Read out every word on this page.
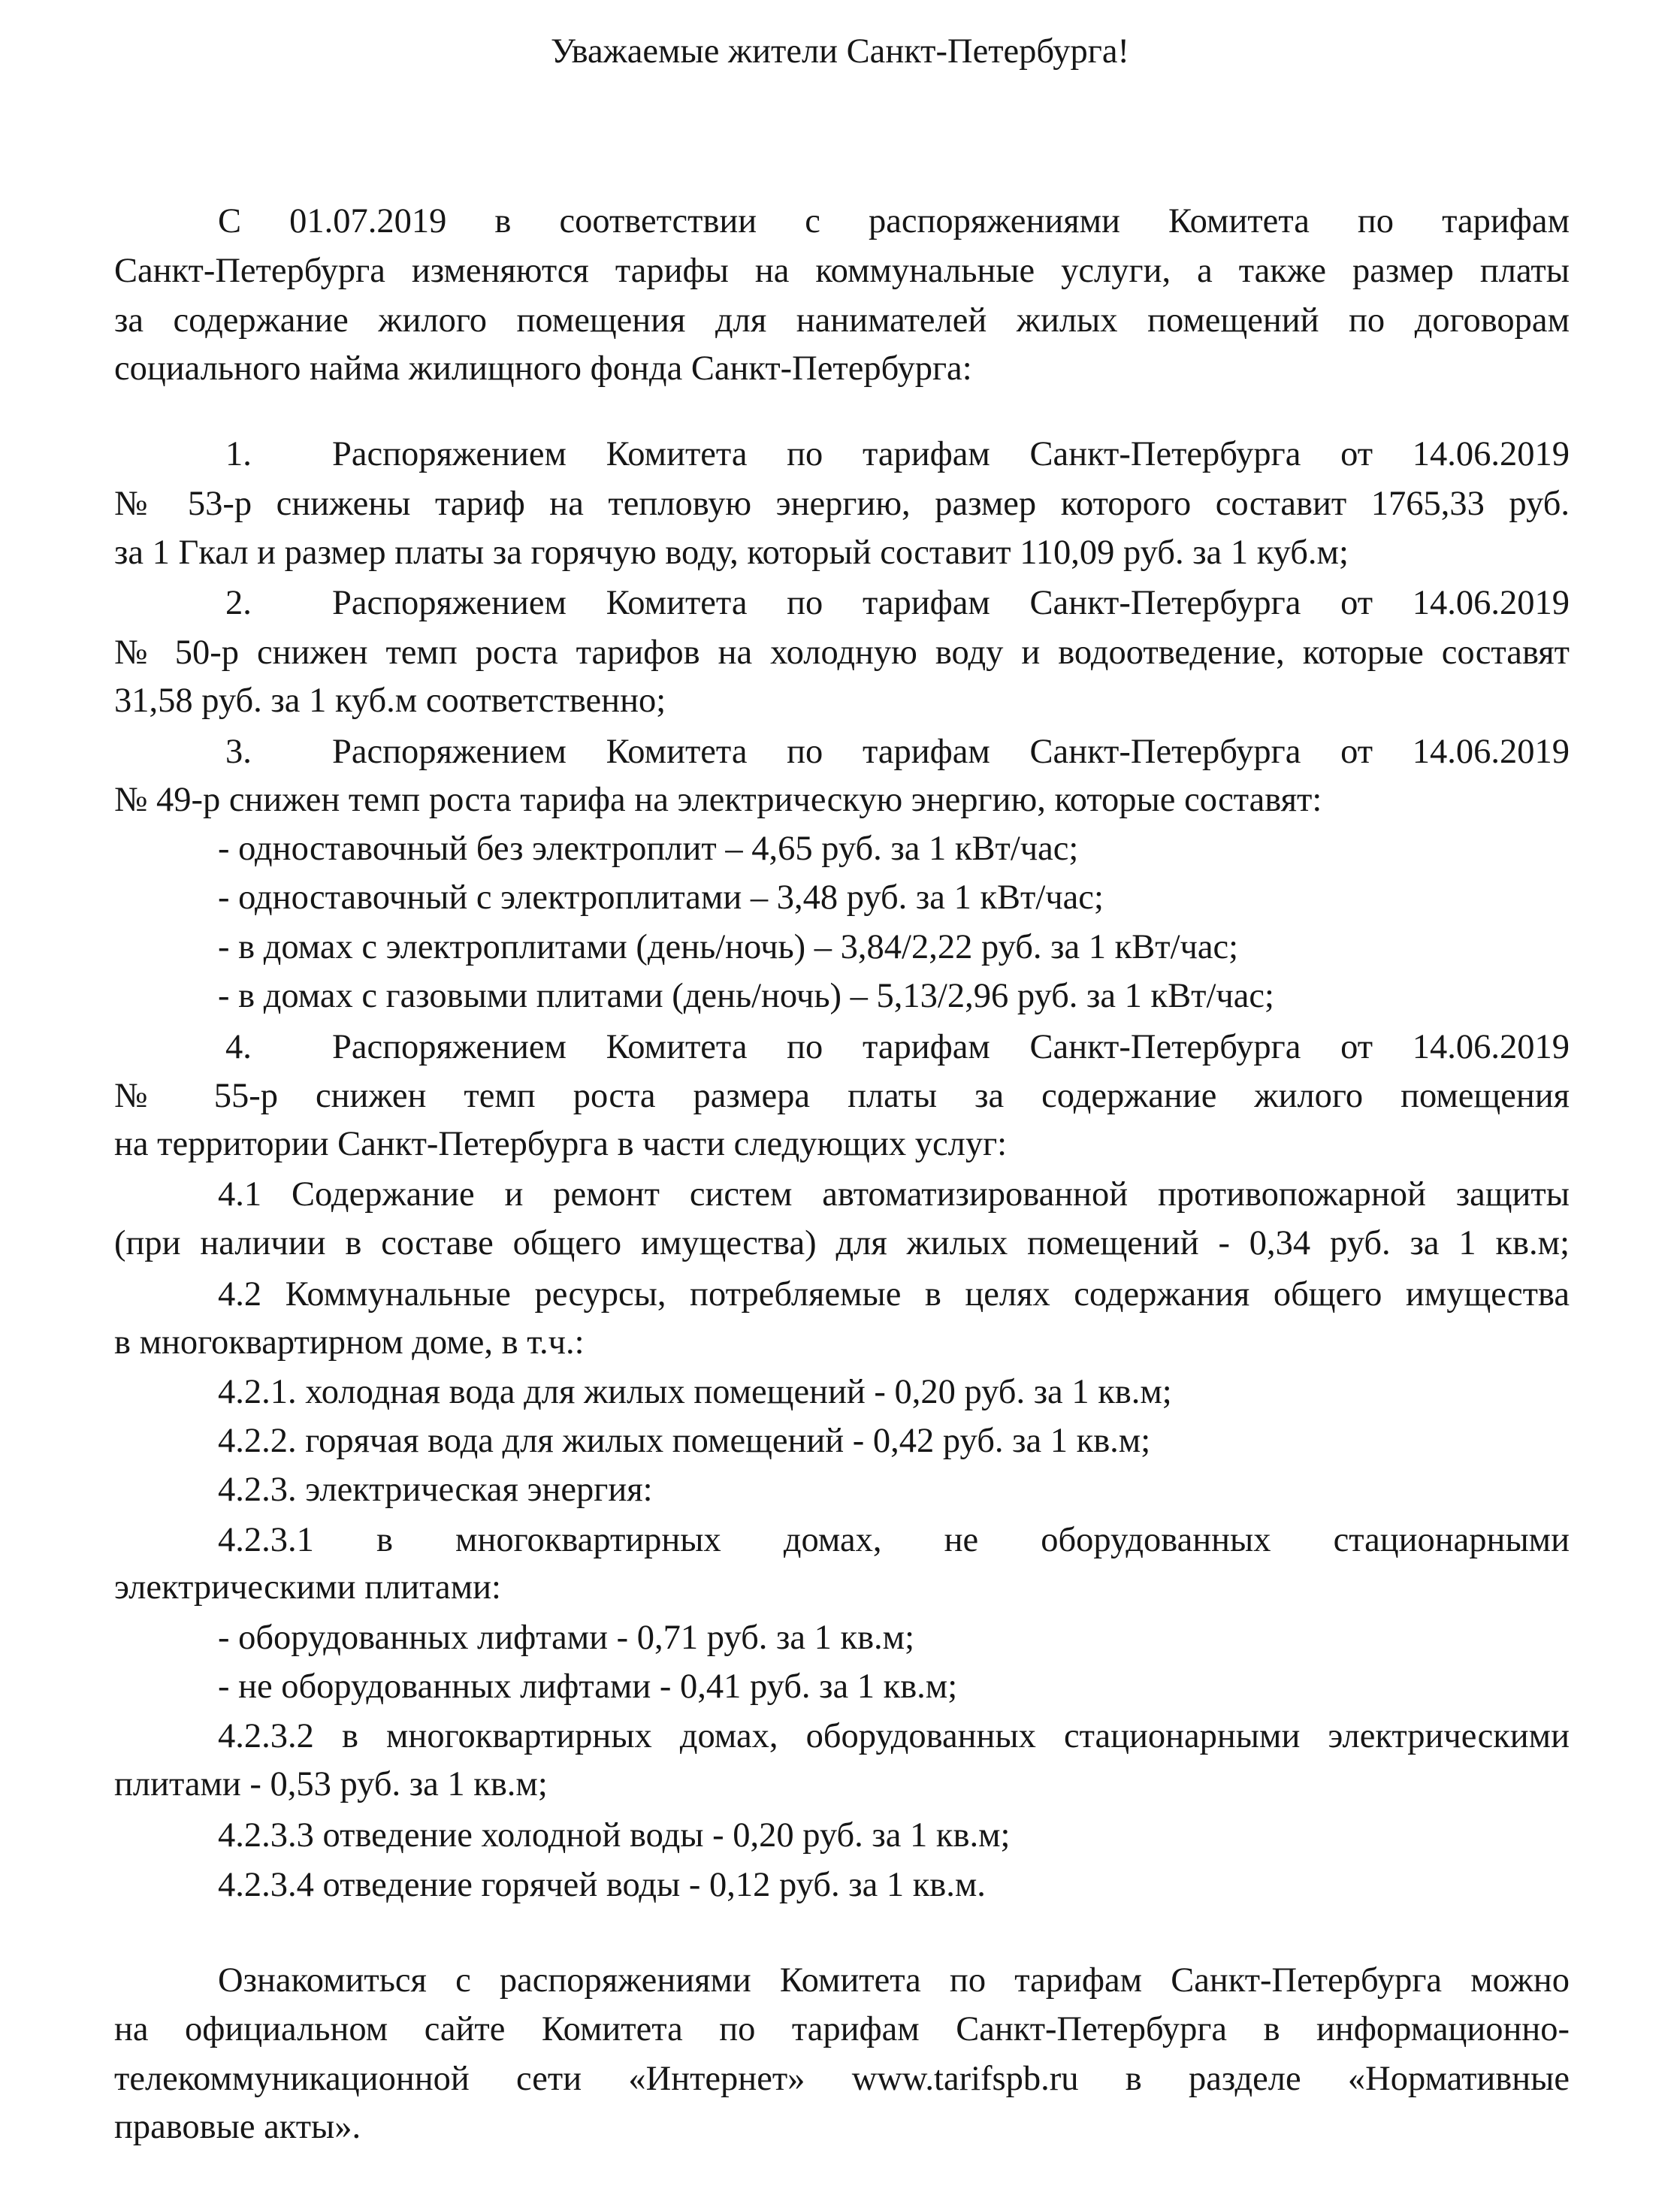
Уважаемые жители Санкт-Петербурга!

С 01.07.2019 в соответствии с распоряжениями Комитета по тарифам

Санкт-Петербурга изменяются тарифы на коммунальные услуги, а также размер платы

за содержание жилого помещения для нанимателей жилых помещений по договорам

социального найма жилищного фонда Санкт-Петербурга:

1. Распоряжением Комитета по тарифам Санкт-Петербурга от 14.06.2019

№ 53-р снижены тариф на тепловую энергию, размер которого составит 1765,33 руб.

за 1 Гкал и размер платы за горячую воду, который составит 110,09 руб. за 1 куб.м;

2. Распоряжением Комитета по тарифам Санкт-Петербурга от 14.06.2019

№ 50-р снижен темп роста тарифов на холодную воду и водоотведение, которые составят

31,58 руб. за 1 куб.м соответственно;

3. Распоряжением Комитета по тарифам Санкт-Петербурга от 14.06.2019

№ 49-р снижен темп роста тарифа на электрическую энергию, которые составят:

- одноставочный без электроплит – 4,65 руб. за 1 кВт/час;

- одноставочный с электроплитами – 3,48 руб. за 1 кВт/час;

- в домах с электроплитами (день/ночь) – 3,84/2,22 руб. за 1 кВт/час;

- в домах с газовыми плитами (день/ночь) – 5,13/2,96 руб. за 1 кВт/час;

4. Распоряжением Комитета по тарифам Санкт-Петербурга от 14.06.2019

№ 55-р снижен темп роста размера платы за содержание жилого помещения

на территории Санкт-Петербурга в части следующих услуг:

4.1 Содержание и ремонт систем автоматизированной противопожарной защиты

(при наличии в составе общего имущества) для жилых помещений - 0,34 руб. за 1 кв.м;

4.2 Коммунальные ресурсы, потребляемые в целях содержания общего имущества

в многоквартирном доме, в т.ч.:

4.2.1. холодная вода для жилых помещений - 0,20 руб. за 1 кв.м;

4.2.2. горячая вода для жилых помещений - 0,42 руб. за 1 кв.м;

4.2.3. электрическая энергия:

4.2.3.1 в многоквартирных домах, не оборудованных стационарными

электрическими плитами:

- оборудованных лифтами - 0,71 руб. за 1 кв.м;

- не оборудованных лифтами - 0,41 руб. за 1 кв.м;

4.2.3.2 в многоквартирных домах, оборудованных стационарными электрическими

плитами - 0,53 руб. за 1 кв.м;

4.2.3.3 отведение холодной воды - 0,20 руб. за 1 кв.м;

4.2.3.4 отведение горячей воды - 0,12 руб. за 1 кв.м.

Ознакомиться с распоряжениями Комитета по тарифам Санкт-Петербурга можно

на официальном сайте Комитета по тарифам Санкт-Петербурга в информационно-

телекоммуникационной сети «Интернет» www.tarifspb.ru в разделе «Нормативные

правовые акты».
